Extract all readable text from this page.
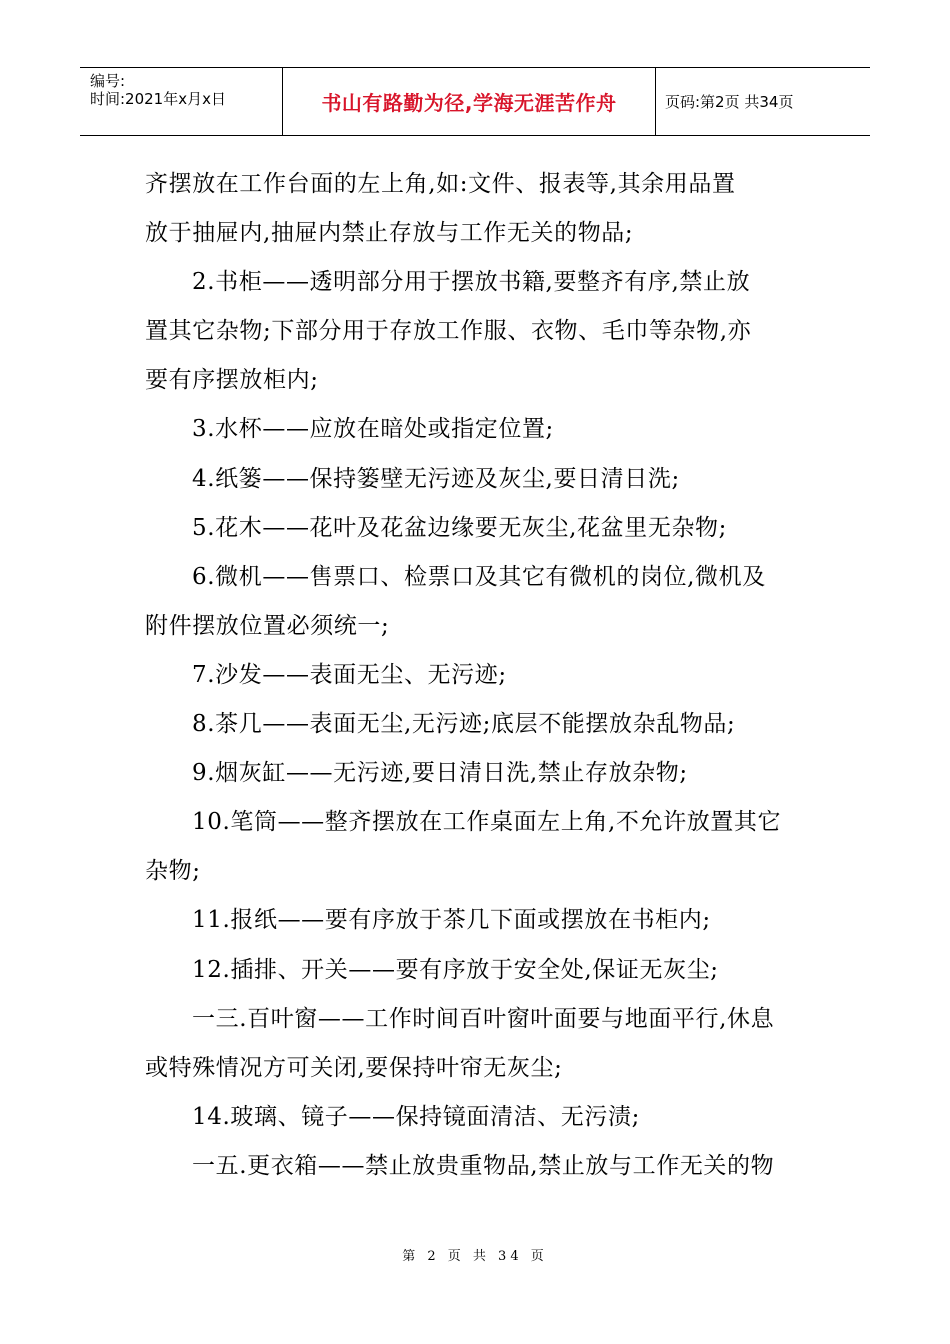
编号:
时间:2021年x月x日	书山有路勤为径,学海无涯苦作舟	页码:第2页 共34页
齐摆放在工作台面的左上角,如:文件、报表等,其余用品置
放于抽屉内,抽屉内禁止存放与工作无关的物品;
2.书柜——透明部分用于摆放书籍,要整齐有序,禁止放
置其它杂物;下部分用于存放工作服、衣物、毛巾等杂物,亦
要有序摆放柜内;
3.水杯——应放在暗处或指定位置;
4.纸篓——保持篓壁无污迹及灰尘,要日清日洗;
5.花木——花叶及花盆边缘要无灰尘,花盆里无杂物;
6.微机——售票口、检票口及其它有微机的岗位,微机及
附件摆放位置必须统一;
7.沙发——表面无尘、无污迹;
8.茶几——表面无尘,无污迹;底层不能摆放杂乱物品;
9.烟灰缸——无污迹,要日清日洗,禁止存放杂物;
10.笔筒——整齐摆放在工作桌面左上角,不允许放置其它
杂物;
11.报纸——要有序放于茶几下面或摆放在书柜内;
12.插排、开关——要有序放于安全处,保证无灰尘;
一三.百叶窗——工作时间百叶窗叶面要与地面平行,休息
或特殊情况方可关闭,要保持叶帘无灰尘;
14.玻璃、镜子——保持镜面清洁、无污渍;
一五.更衣箱——禁止放贵重物品,禁止放与工作无关的物
第 2 页 共 34 页
